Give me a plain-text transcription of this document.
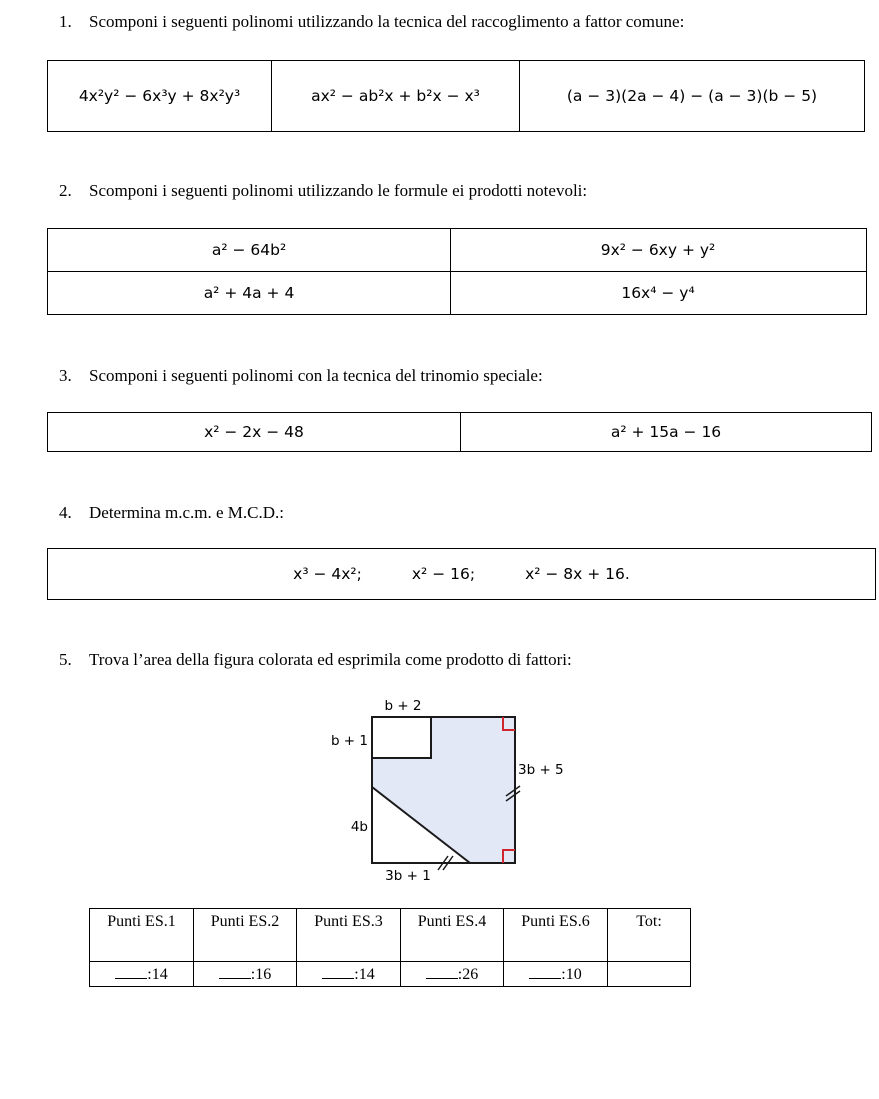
1. Scomponi i seguenti polinomi utilizzando la tecnica del raccoglimento a fattor comune:
4x²y² − 6x³y + 8x²y³	ax² − ab²x + b²x − x³	(a − 3)(2a − 4) − (a − 3)(b − 5)
2. Scomponi i seguenti polinomi utilizzando le formule ei prodotti notevoli:
a² − 64b²	9x² − 6xy + y²
a² + 4a + 4	16x⁴ − y⁴
3. Scomponi i seguenti polinomi con la tecnica del trinomio speciale:
x² − 2x − 48	a² + 15a − 16
4. Determina m.c.m. e M.C.D.:
x³ − 4x²;	x² − 16;	x² − 8x + 16.
5. Trova l’area della figura colorata ed esprimila come prodotto di fattori:
b + 2
b + 1
4b
3b + 5
3b + 1
Punti ES.1	Punti ES.2	Punti ES.3	Punti ES.4	Punti ES.6	Tot:
:14	:16	:14	:26	:10	
